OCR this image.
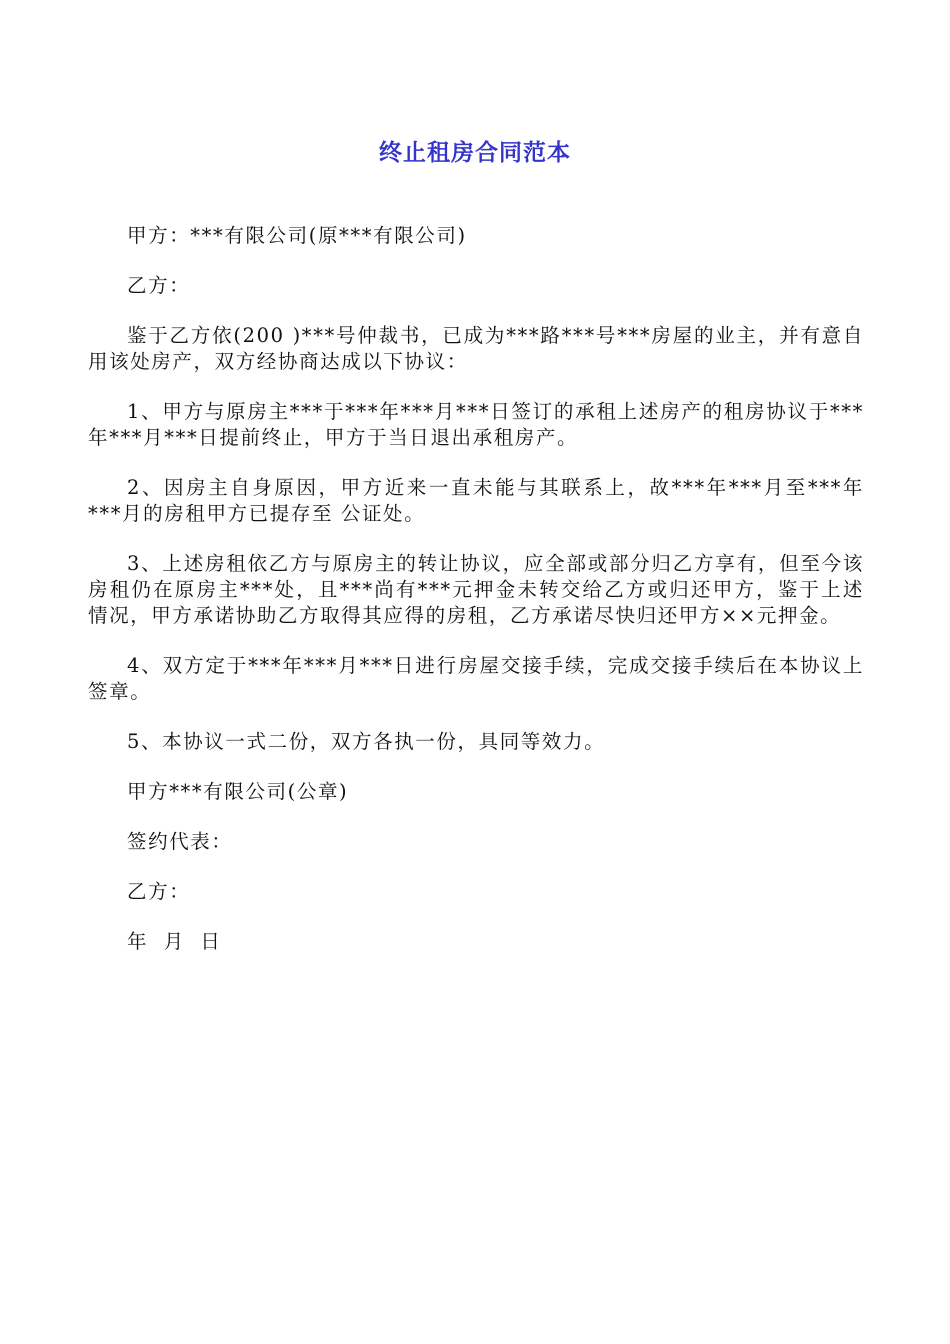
终止租房合同范本

甲方：***有限公司(原***有限公司)

乙方：

鉴于乙方依(200 )***号仲裁书，已成为***路***号***房屋的业主，并有意自用该处房产，双方经协商达成以下协议：

1、甲方与原房主***于***年***月***日签订的承租上述房产的租房协议于***年***月***日提前终止，甲方于当日退出承租房产。

2、因房主自身原因，甲方近来一直未能与其联系上，故***年***月至***年***月的房租甲方已提存至 公证处。

3、上述房租依乙方与原房主的转让协议，应全部或部分归乙方享有，但至今该房租仍在原房主***处，且***尚有***元押金未转交给乙方或归还甲方，鉴于上述情况，甲方承诺协助乙方取得其应得的房租，乙方承诺尽快归还甲方××元押金。

4、双方定于***年***月***日进行房屋交接手续，完成交接手续后在本协议上签章。

5、本协议一式二份，双方各执一份，具同等效力。

甲方***有限公司(公章)

签约代表：

乙方：

年  月  日
